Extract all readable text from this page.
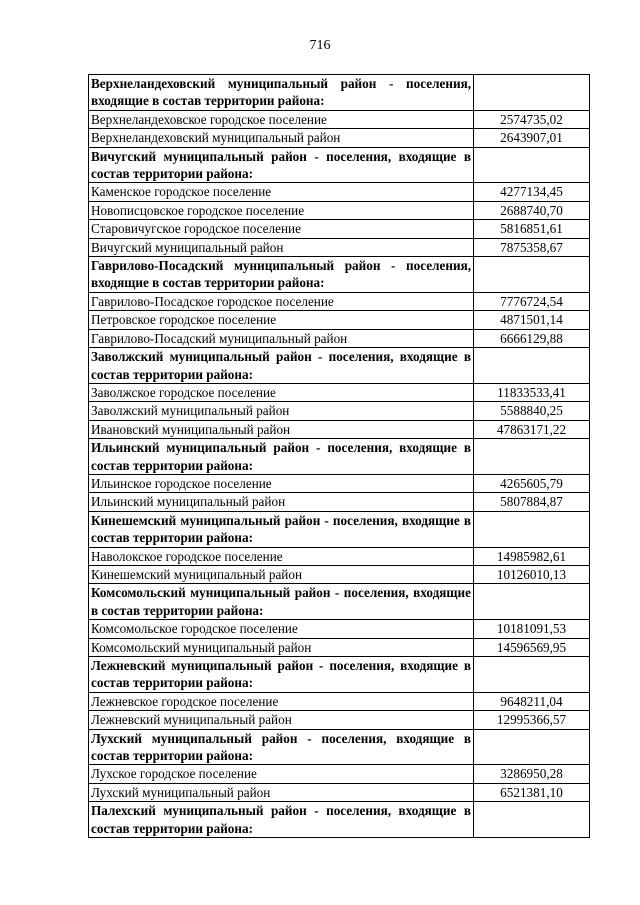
716
Верхнеландеховский муниципальный район - поселения, входящие в состав территории района:	
Верхнеландеховское городское поселение	2574735,02
Верхнеландеховский муниципальный район	2643907,01
Вичугский муниципальный район - поселения, входящие в состав территории района:	
Каменское городское поселение	4277134,45
Новописцовское городское поселение	2688740,70
Старовичугское городское поселение	5816851,61
Вичугский муниципальный район	7875358,67
Гаврилово-Посадский муниципальный район - поселения, входящие в состав территории района:	
Гаврилово-Посадское городское поселение	7776724,54
Петровское городское поселение	4871501,14
Гаврилово-Посадский муниципальный район	6666129,88
Заволжский муниципальный район - поселения, входящие в состав территории района:	
Заволжское городское поселение	11833533,41
Заволжский муниципальный район	5588840,25
Ивановский муниципальный район	47863171,22
Ильинский муниципальный район - поселения, входящие в состав территории района:	
Ильинское городское поселение	4265605,79
Ильинский муниципальный район	5807884,87
Кинешемский муниципальный район - поселения, входящие в состав территории района:	
Наволокское городское поселение	14985982,61
Кинешемский муниципальный район	10126010,13
Комсомольский муниципальный район - поселения, входящие в состав территории района:	
Комсомольское городское поселение	10181091,53
Комсомольский муниципальный район	14596569,95
Лежневский муниципальный район - поселения, входящие в состав территории района:	
Лежневское городское поселение	9648211,04
Лежневский муниципальный район	12995366,57
Лухский муниципальный район - поселения, входящие в состав территории района:	
Лухское городское поселение	3286950,28
Лухский муниципальный район	6521381,10
Палехский муниципальный район - поселения, входящие в состав территории района:	
